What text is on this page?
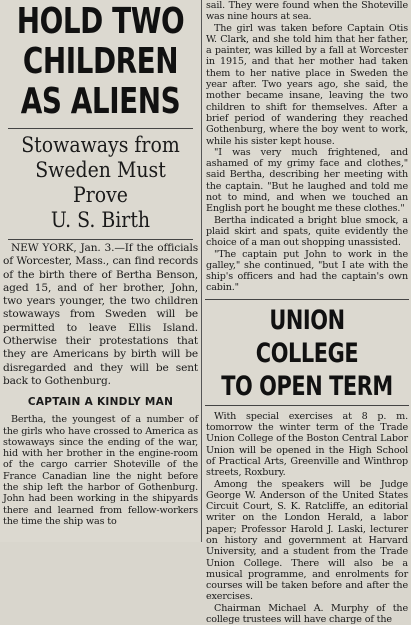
HOLD TWO
CHILDREN
AS ALIENS
Stowaways from
Sweden Must Prove
U. S. Birth

NEW YORK, Jan. 3.—If the officials of Worcester, Mass., can find records of the birth there of Bertha Benson, aged 15, and of her brother, John, two years younger, the two children stowaways from Sweden will be permitted to leave Ellis Island. Otherwise their protestations that they are Americans by birth will be disregarded and they will be sent back to Gothenburg.

CAPTAIN A KINDLY MAN

Bertha, the youngest of a number of the girls who have crossed to America as stowaways since the ending of the war, hid with her brother in the engine-room of the cargo carrier Shoteville of the France Canadian line the night before the ship left the harbor of Gothenburg. John had been working in the shipyards there and learned from fellow-workers the time the ship was to

sail. They were found when the Shoteville was nine hours at sea.

The girl was taken before Captain Otis W. Clark, and she told him that her father, a painter, was killed by a fall at Worcester in 1915, and that her mother had taken them to her native place in Sweden the year after. Two years ago, she said, the mother became insane, leaving the two children to shift for themselves. After a brief period of wandering they reached Gothenburg, where the boy went to work, while his sister kept house.

"I was very much frightened, and ashamed of my grimy face and clothes," said Bertha, describing her meeting with the captain. "But he laughed and told me not to mind, and when we touched an English port he bought me these clothes."

Bertha indicated a bright blue smock, a plaid skirt and spats, quite evidently the choice of a man out shopping unassisted.

"The captain put John to work in the galley," she continued, "but I ate with the ship's officers and had the captain's own cabin."

UNION COLLEGE
TO OPEN TERM

With special exercises at 8 p. m. tomorrow the winter term of the Trade Union College of the Boston Central Labor Union will be opened in the High School of Practical Arts, Greenville and Winthrop streets, Roxbury.

Among the speakers will be Judge George W. Anderson of the United States Circuit Court, S. K. Ratcliffe, an editorial writer on the London Herald, a labor paper; Professor Harold J. Laski, lecturer on history and government at Harvard University, and a student from the Trade Union College. There will also be a musical programme, and enrolments for courses will be taken before and after the exercises.

Chairman Michael A. Murphy of the college trustees will have charge of the
